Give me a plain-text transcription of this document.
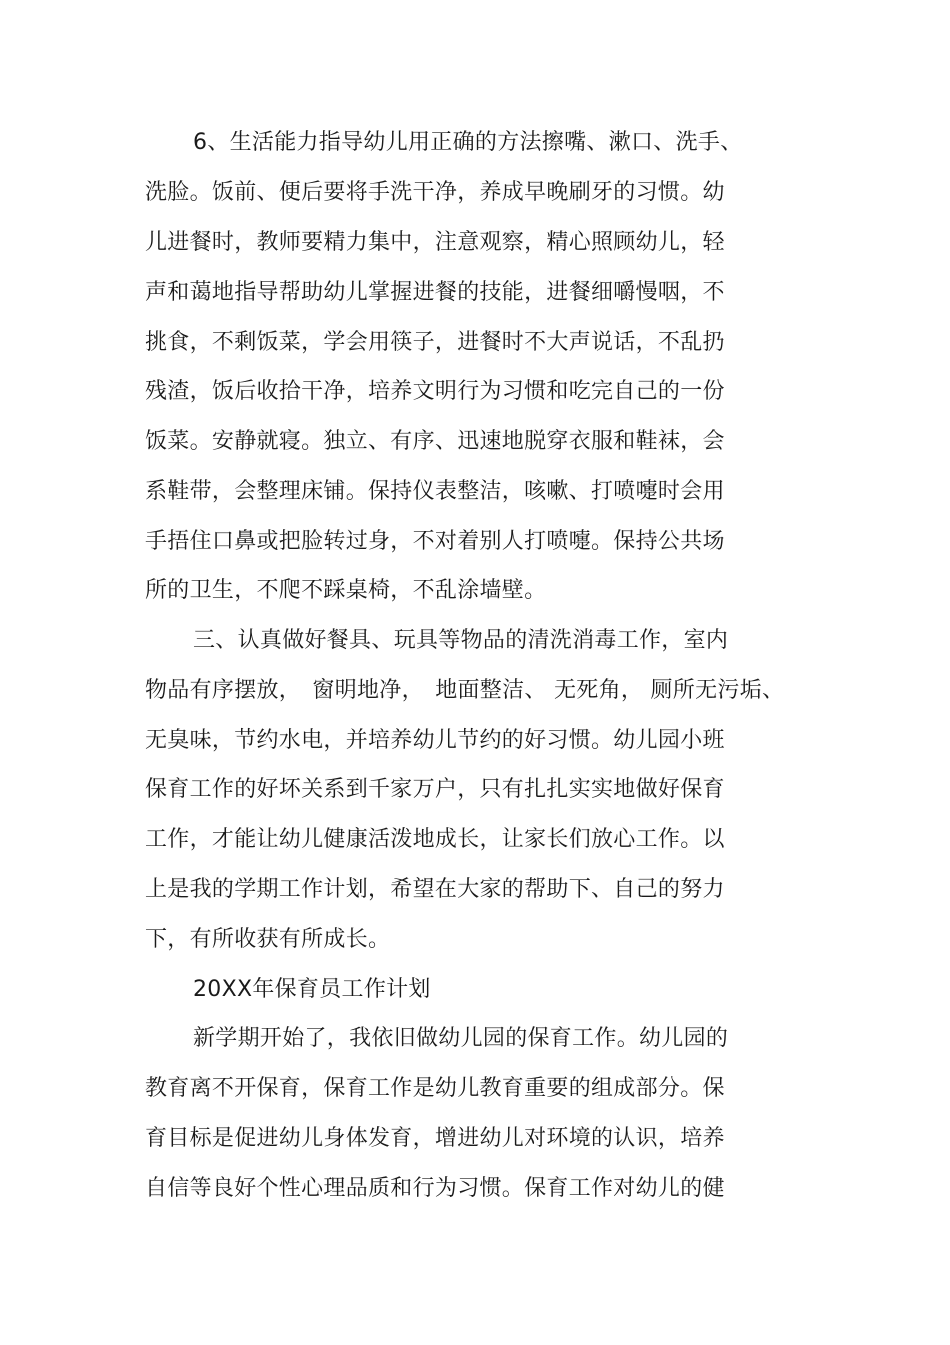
6、生活能力指导幼儿用正确的方法擦嘴、漱口、洗手、
洗脸。饭前、便后要将手洗干净，养成早晚刷牙的习惯。幼
儿进餐时，教师要精力集中，注意观察，精心照顾幼儿，轻
声和蔼地指导帮助幼儿掌握进餐的技能，进餐细嚼慢咽，不
挑食，不剩饭菜，学会用筷子，进餐时不大声说话，不乱扔
残渣，饭后收拾干净，培养文明行为习惯和吃完自己的一份
饭菜。安静就寝。独立、有序、迅速地脱穿衣服和鞋袜，会
系鞋带，会整理床铺。保持仪表整洁，咳嗽、打喷嚏时会用
手捂住口鼻或把脸转过身，不对着别人打喷嚏。保持公共场
所的卫生，不爬不踩桌椅，不乱涂墙壁。
三、认真做好餐具、玩具等物品的清洗消毒工作，室内
物品有序摆放，　窗明地净，　地面整洁、 无死角， 厕所无污垢、
无臭味，节约水电，并培养幼儿节约的好习惯。幼儿园小班
保育工作的好坏关系到千家万户，只有扎扎实实地做好保育
工作，才能让幼儿健康活泼地成长，让家长们放心工作。以
上是我的学期工作计划，希望在大家的帮助下、自己的努力
下，有所收获有所成长。
20XX年保育员工作计划
新学期开始了，我依旧做幼儿园的保育工作。幼儿园的
教育离不开保育，保育工作是幼儿教育重要的组成部分。保
育目标是促进幼儿身体发育，增进幼儿对环境的认识，培养
自信等良好个性心理品质和行为习惯。保育工作对幼儿的健
